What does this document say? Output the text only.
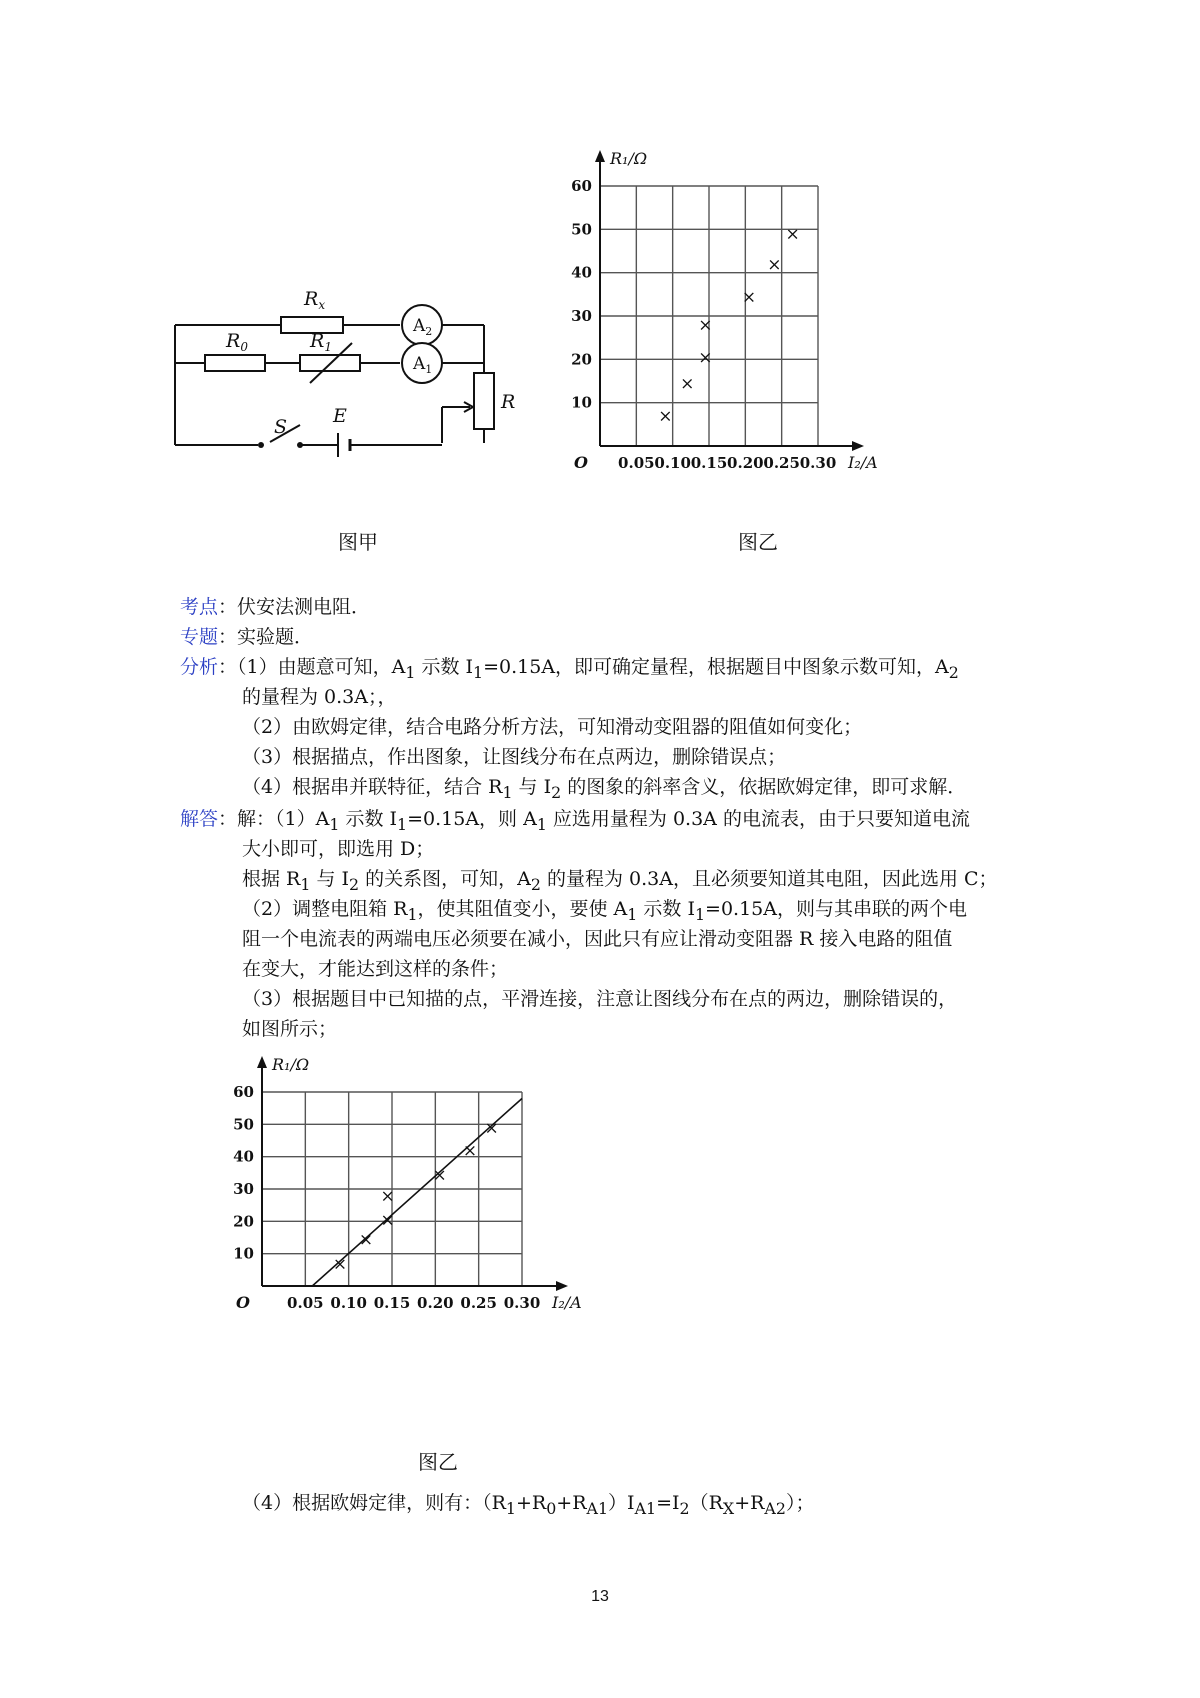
$R_x$
$R_0$	$R_1$
R
S E
$A_2$
$A_1$
图甲
0.05 0.10 0.15 0.20 0.25 0.30
10
20
30
40
50
60
O	I₂/A
R₁/Ω
×
×
×
×
×
×
×
图乙
考点：伏安法测电阻．
专题：实验题．
分析：（1）由题意可知，$A_1$ 示数 $I_1=0.15A$，即可确定量程，根据题目中图象示数可知，$A_2$
的量程为 0.3A；，
（2）由欧姆定律，结合电路分析方法，可知滑动变阻器的阻值如何变化；
（3）根据描点，作出图象，让图线分布在点两边，删除错误点；
（4）根据串并联特征，结合 $R_1$ 与 $I_2$ 的图象的斜率含义，依据欧姆定律，即可求解．
解答：解：$(1)A_1$ 示数 $I_1=0.15A$，则 $A_1$ 应选用量程为 0.3A 的电流表，由于只要知道电流
大小即可，即选用 D；
根据 $R_1$ 与 $I_2$ 的关系图，可知，$A_2$ 的量程为 0.3A，且必须要知道其电阻，因此选用 C；
（2）调整电阻箱 $R_1$，使其阻值变小，要使 $A_1$ 示数 $I_1=0.15A$，则与其串联的两个电
阻一个电流表的两端电压必须要在减小，因此只有应让滑动变阻器 R 接入电路的阻值
在变大，才能达到这样的条件；
（3）根据题目中已知描的点，平滑连接，注意让图线分布在点的两边，删除错误的，
如图所示；
0.05 0.10 0.15 0.20 0.25 0.30
10
20
30
40
50
60
O	I₂/A
R₁/Ω
×
×
×
×
×
×
×
图乙
（4）根据欧姆定律，则有：$(R_1+R_0+R_{A1})I_{A1}=I_2(R_X+R_{A2})$；
13
